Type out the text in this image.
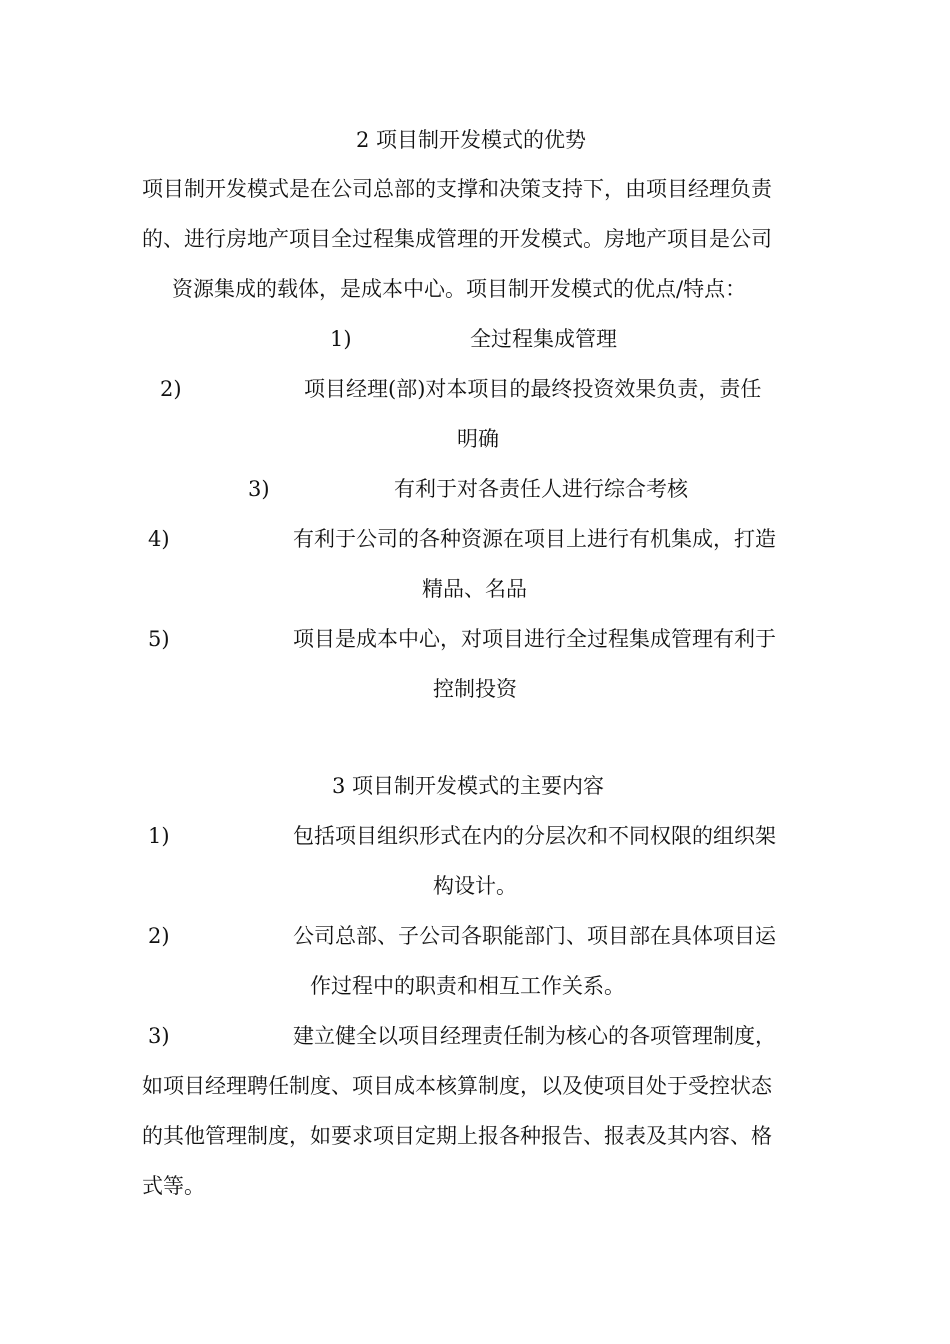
2 项目制开发模式的优势

项目制开发模式是在公司总部的支撑和决策支持下，由项目经理负责

的、进行房地产项目全过程集成管理的开发模式。房地产项目是公司

资源集成的载体，是成本中心。项目制开发模式的优点/特点：

1)	全过程集成管理
2)	项目经理(部)对本项目的最终投资效果负责，责任
明确
3)	有利于对各责任人进行综合考核
4)	有利于公司的各种资源在项目上进行有机集成，打造
精品、名品
5)	项目是成本中心，对项目进行全过程集成管理有利于
控制投资

3 项目制开发模式的主要内容

1)	包括项目组织形式在内的分层次和不同权限的组织架
构设计。
2)	公司总部、子公司各职能部门、项目部在具体项目运
作过程中的职责和相互工作关系。
3)	建立健全以项目经理责任制为核心的各项管理制度，
如项目经理聘任制度、项目成本核算制度，以及使项目处于受控状态
的其他管理制度，如要求项目定期上报各种报告、报表及其内容、格
式等。
